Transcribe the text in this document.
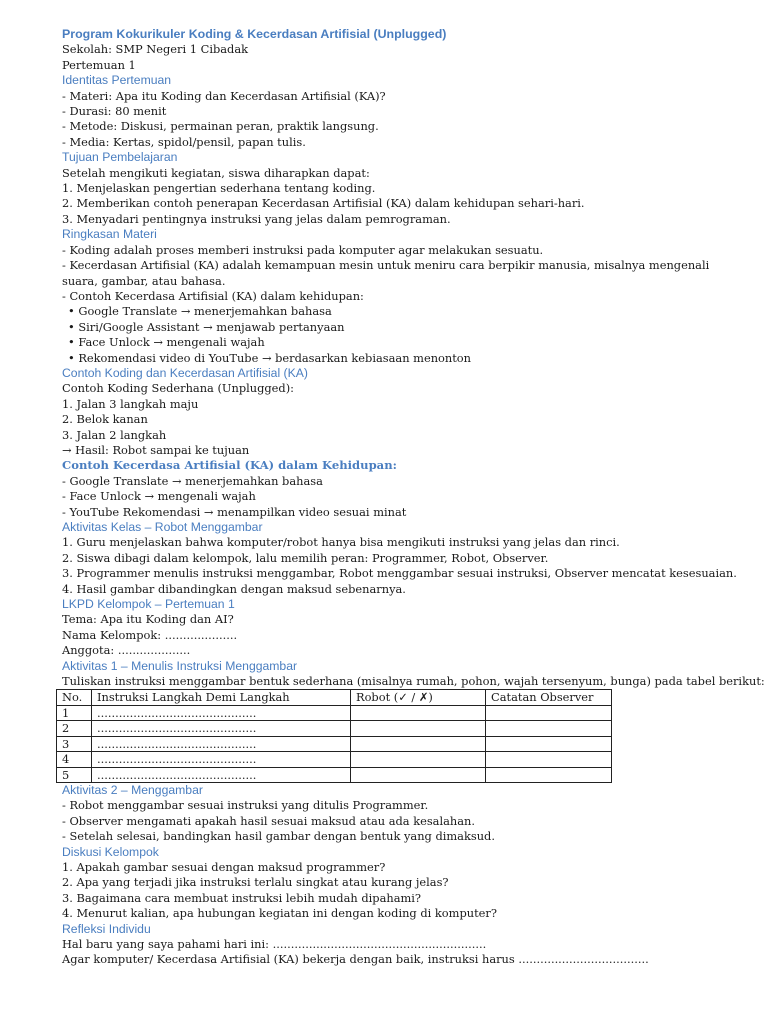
Program Kokurikuler Koding & Kecerdasan Artifisial (Unplugged)
Sekolah: SMP Negeri 1 Cibadak
Pertemuan 1
Identitas Pertemuan
- Materi: Apa itu Koding dan Kecerdasan Artifisial (KA)?
- Durasi: 80 menit
- Metode: Diskusi, permainan peran, praktik langsung.
- Media: Kertas, spidol/pensil, papan tulis.
Tujuan Pembelajaran
Setelah mengikuti kegiatan, siswa diharapkan dapat:
1. Menjelaskan pengertian sederhana tentang koding.
2. Memberikan contoh penerapan Kecerdasan Artifisial (KA) dalam kehidupan sehari-hari.
3. Menyadari pentingnya instruksi yang jelas dalam pemrograman.
Ringkasan Materi
- Koding adalah proses memberi instruksi pada komputer agar melakukan sesuatu.
- Kecerdasan Artifisial (KA) adalah kemampuan mesin untuk meniru cara berpikir manusia, misalnya mengenali suara, gambar, atau bahasa.
- Contoh Kecerdasa Artifisial (KA) dalam kehidupan:
• Google Translate → menerjemahkan bahasa
• Siri/Google Assistant → menjawab pertanyaan
• Face Unlock → mengenali wajah
• Rekomendasi video di YouTube → berdasarkan kebiasaan menonton
Contoh Koding dan Kecerdasan Artifisial (KA)
Contoh Koding Sederhana (Unplugged):
1. Jalan 3 langkah maju
2. Belok kanan
3. Jalan 2 langkah
→ Hasil: Robot sampai ke tujuan
Contoh Kecerdasa Artifisial (KA) dalam Kehidupan:
- Google Translate → menerjemahkan bahasa
- Face Unlock → mengenali wajah
- YouTube Rekomendasi → menampilkan video sesuai minat
Aktivitas Kelas – Robot Menggambar
1. Guru menjelaskan bahwa komputer/robot hanya bisa mengikuti instruksi yang jelas dan rinci.
2. Siswa dibagi dalam kelompok, lalu memilih peran: Programmer, Robot, Observer.
3. Programmer menulis instruksi menggambar, Robot menggambar sesuai instruksi, Observer mencatat kesesuaian.
4. Hasil gambar dibandingkan dengan maksud sebenarnya.
LKPD Kelompok – Pertemuan 1
Tema: Apa itu Koding dan AI?
Nama Kelompok: ....................
Anggota: ....................
Aktivitas 1 – Menulis Instruksi Menggambar
Tuliskan instruksi menggambar bentuk sederhana (misalnya rumah, pohon, wajah tersenyum, bunga) pada tabel berikut:
No.	Instruksi Langkah Demi Langkah	Robot (✓ / ✗)	Catatan Observer
1	............................................		
2	............................................		
3	............................................		
4	............................................		
5	............................................		
Aktivitas 2 – Menggambar
- Robot menggambar sesuai instruksi yang ditulis Programmer.
- Observer mengamati apakah hasil sesuai maksud atau ada kesalahan.
- Setelah selesai, bandingkan hasil gambar dengan bentuk yang dimaksud.
Diskusi Kelompok
1. Apakah gambar sesuai dengan maksud programmer?
2. Apa yang terjadi jika instruksi terlalu singkat atau kurang jelas?
3. Bagaimana cara membuat instruksi lebih mudah dipahami?
4. Menurut kalian, apa hubungan kegiatan ini dengan koding di komputer?
Refleksi Individu
Hal baru yang saya pahami hari ini: ...........................................................
Agar komputer/ Kecerdasa Artifisial (KA) bekerja dengan baik, instruksi harus ....................................
